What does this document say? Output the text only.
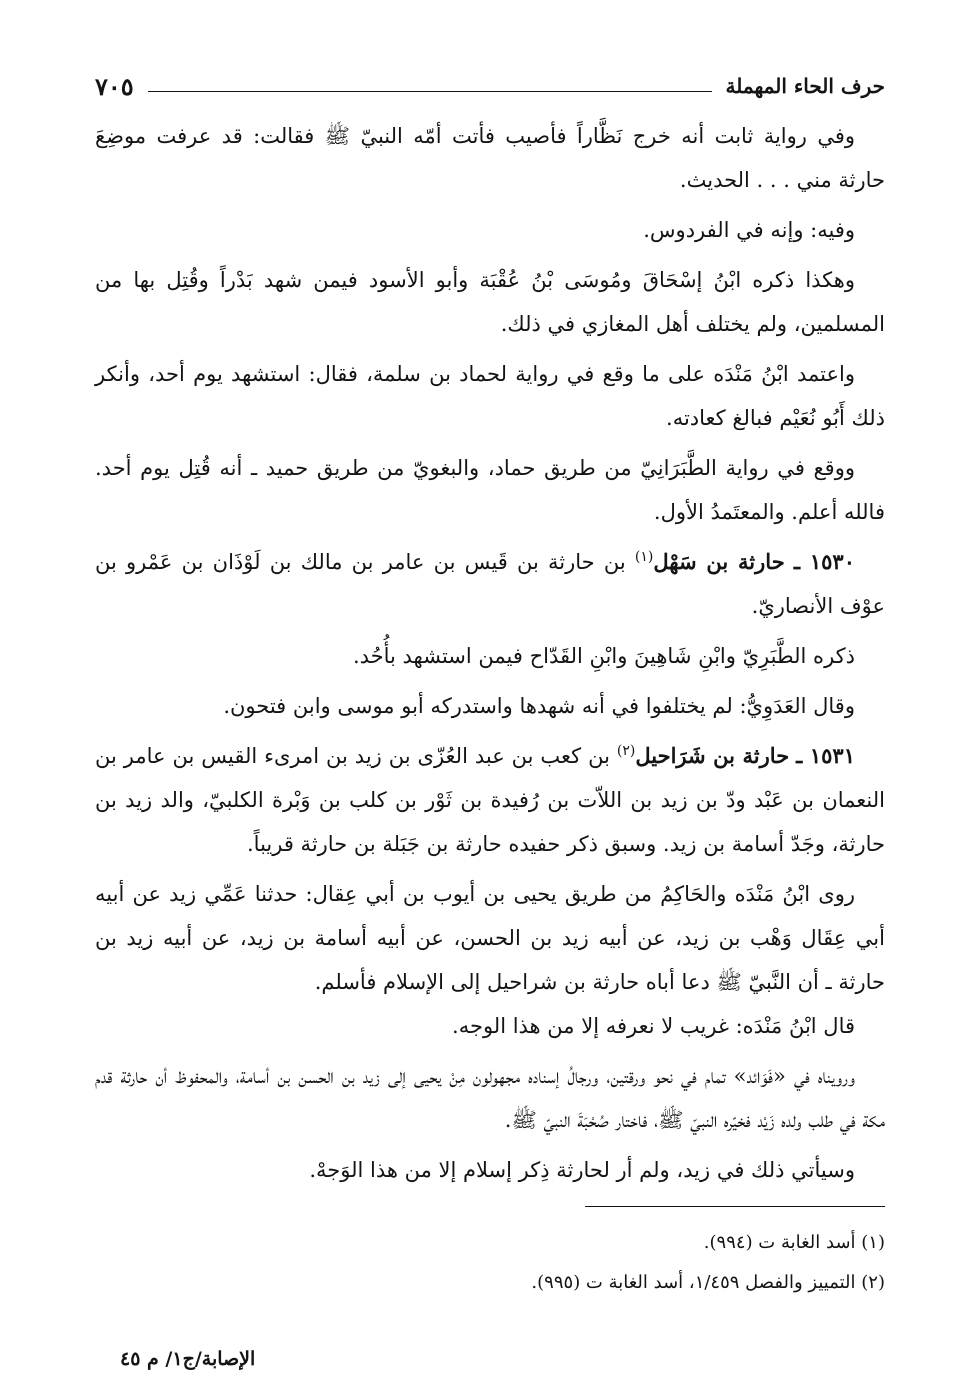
حرف الحاء المهملة
٧٠٥

وفي رواية ثابت أنه خرج نَظَّاراً فأصيب فأتت أمّه النبيّ ﷺ فقالت: قد عرفت موضِعَ حارثة مني . . . الحديث.

وفيه: وإنه في الفردوس.

وهكذا ذكره ابْنُ إسْحَاقَ ومُوسَى بْنُ عُقْبَة وأبو الأسود فيمن شهد بَدْراً وقُتِل بها من المسلمين، ولم يختلف أهل المغازي في ذلك.

واعتمد ابْنُ مَنْدَه على ما وقع في رواية لحماد بن سلمة، فقال: استشهد يوم أحد، وأنكر ذلك أَبُو نُعَيْم فبالغ كعادته.

ووقع في رواية الطَّبَرَانِيّ من طريق حماد، والبغويّ من طريق حميد ـ أنه قُتِل يوم أحد. فالله أعلم. والمعتَمدُ الأول.

١٥٣٠ ـ حارثة بن سَهْل$^{(١)}$ بن حارثة بن قَيس بن عامر بن مالك بن لَوْذَان بن عَمْرو بن عوْف الأنصاريّ.

ذكره الطَّبَرِيّ وابْنِ شَاهِينَ وابْنِ القَدّاح فيمن استشهد بأُحُد.

وقال العَدَوِيُّ: لم يختلفوا في أنه شهدها واستدركه أبو موسى وابن فتحون.

١٥٣١ ـ حارثة بن شَرَاحيل$^{(٢)}$ بن كعب بن عبد العُزّى بن زيد بن امرىء القيس بن عامر بن النعمان بن عَبْد ودّ بن زيد بن اللاّت بن رُفيدة بن ثَوْر بن كلب بن وَبْرة الكلبيّ، والد زيد بن حارثة، وجَدّ أسامة بن زيد. وسبق ذكر حفيده حارثة بن جَبَلة بن حارثة قريباً.

روى ابْنُ مَنْدَه والحَاكِمُ من طريق يحيى بن أيوب بن أبي عِقال: حدثنا عَمِّي زيد عن أبيه أبي عِقَال وَهْب بن زيد، عن أبيه زيد بن الحسن، عن أبيه أسامة بن زيد، عن أبيه زيد بن حارثة ـ أن النَّبيّ ﷺ دعا أباه حارثة بن شراحيل إلى الإسلام فأسلم.

قال ابْنُ مَنْدَه: غريب لا نعرفه إلا من هذا الوجه.

ورويناه في «فَوَائد» تمام في نحو ورقتين، ورجالُ إسناده مجهولون مِنْ يحيى إلى زيد بن الحسن بن أسامة، والمحفوظ أن حارثة قدم مكة في طلب ولده زَيْد فخيّره النبيّ ﷺ، فاختار صُحْبَةَ النبيّ ﷺ.

وسيأتي ذلك في زيد، ولم أر لحارثة ذِكر إسلام إلا من هذا الوَجهْ.

(١) أسد الغابة ت (٩٩٤).

(٢) التمييز والفصل ١/٤٥٩، أسد الغابة ت (٩٩٥).

الإصابة/ج١/ م ٤٥
